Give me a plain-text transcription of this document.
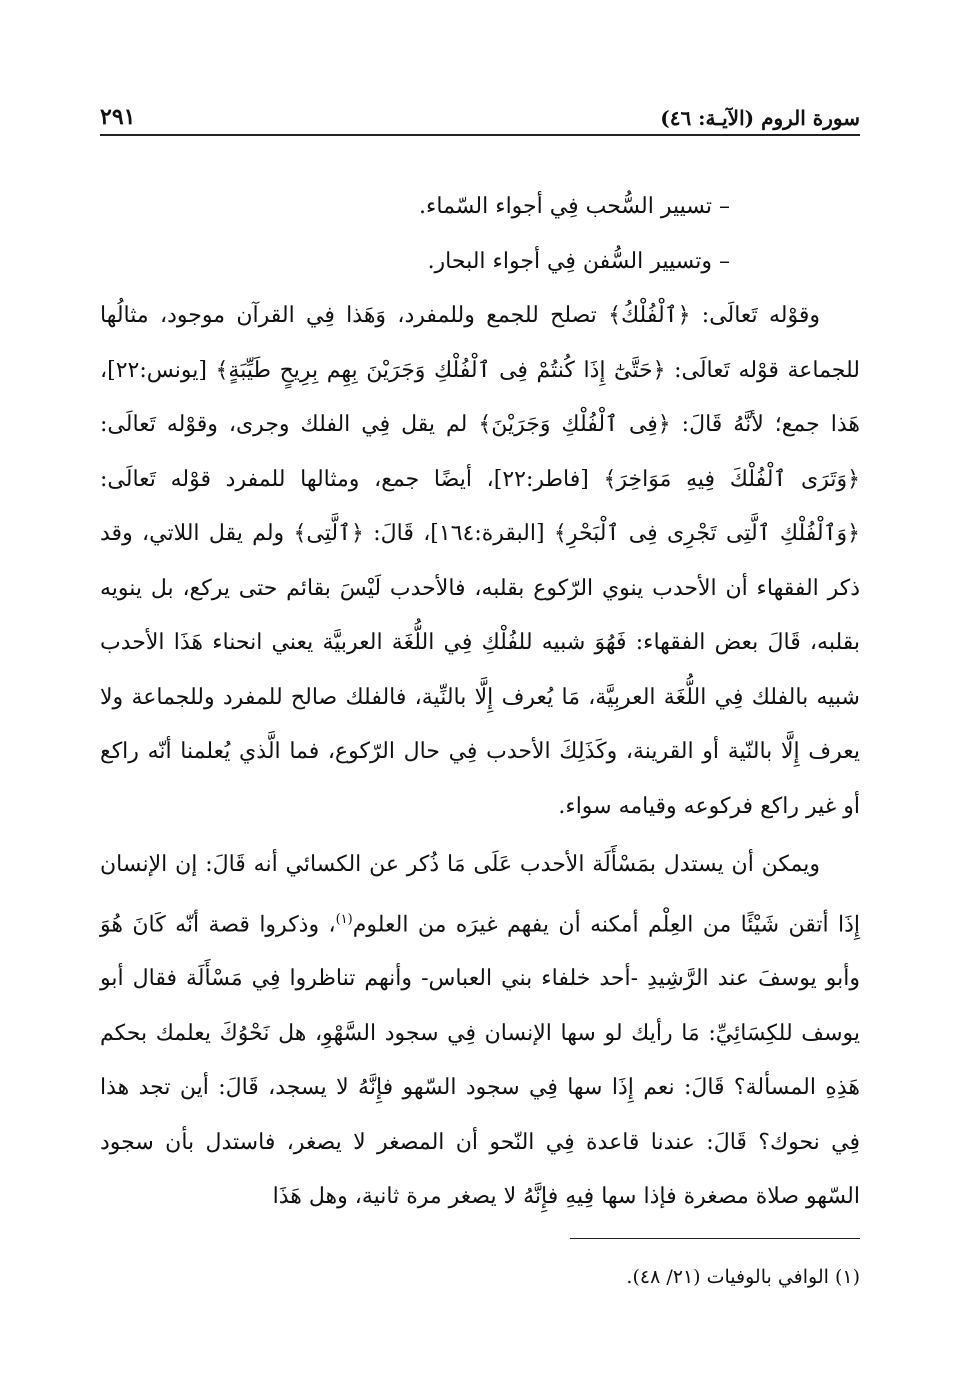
سورة الروم (الآيـة: ٤٦)
٢٩١

– تسيير السُّحب فِي أجواء السّماء.

– وتسيير السُّفن فِي أجواء البحار.

وقوْله تَعالَى: ﴿ٱلْفُلْكُ﴾ تصلح للجمع وللمفرد، وَهَذا فِي القرآن موجود، مثالُها للجماعة قوْله تَعالَى: ﴿حَتَّىٰٓ إِذَا كُنتُمْ فِى ٱلْفُلْكِ وَجَرَيْنَ بِهِم بِرِيحٍ طَيِّبَةٍ﴾ [يونس:٢٢]، هَذا جمع؛ لأنَّهُ قَالَ: ﴿فِى ٱلْفُلْكِ وَجَرَيْنَ﴾ لم يقل فِي الفلك وجرى، وقوْله تَعالَى: ﴿وَتَرَى ٱلْفُلْكَ فِيهِ مَوَاخِرَ﴾ [فاطر:٢٢]، أيضًا جمع، ومثالها للمفرد قوْله تَعالَى: ﴿وَٱلْفُلْكِ ٱلَّتِى تَجْرِى فِى ٱلْبَحْرِ﴾ [البقرة:١٦٤]، قَالَ: ﴿ٱلَّتِى﴾ ولم يقل اللاتي، وقد ذكر الفقهاء أن الأحدب ينوي الرّكوع بقلبه، فالأحدب لَيْسَ بقائم حتى يركع، بل ينويه بقلبه، قَالَ بعض الفقهاء: فَهُوَ شبيه للفُلْكِ فِي اللُّغَة العربيَّة يعني انحناء هَذَا الأحدب شبيه بالفلك فِي اللُّغَة العربِيَّة، مَا يُعرف إِلَّا بالنِّية، فالفلك صالح للمفرد وللجماعة ولا يعرف إِلَّا بالنّية أو القرينة، وكَذَلِكَ الأحدب فِي حال الرّكوع، فما الَّذي يُعلمنا أنّه راكع أو غير راكع فركوعه وقيامه سواء.

ويمكن أن يستدل بمَسْأَلَة الأحدب عَلَى مَا ذُكر عن الكسائي أنه قَالَ: إن الإنسان إِذَا أتقن شَيْئًا من العِلْم أمكنه أن يفهم غيرَه من العلوم$^{(١)}$، وذكروا قصة أنّه كَانَ هُوَ وأبو يوسفَ عند الرَّشِيدِ -أحد خلفاء بني العباس- وأنهم تناظروا فِي مَسْأَلَة فقال أبو يوسف للكِسَائِيِّ: مَا رأيك لو سها الإنسان فِي سجود السَّهْوِ، هل نَحْوُكَ يعلمك بحكم هَذِهِ المسألة؟ قَالَ: نعم إِذَا سها فِي سجود السّهو فإِنَّهُ لا يسجد، قَالَ: أين تجد هذا فِي نحوك؟ قَالَ: عندنا قاعدة فِي النّحو أن المصغر لا يصغر، فاستدل بأن سجود السّهو صلاة مصغرة فإذا سها فِيهِ فإِنَّهُ لا يصغر مرة ثانية، وهل هَذَا

(١) الوافي بالوفيات (٢١/ ٤٨).
